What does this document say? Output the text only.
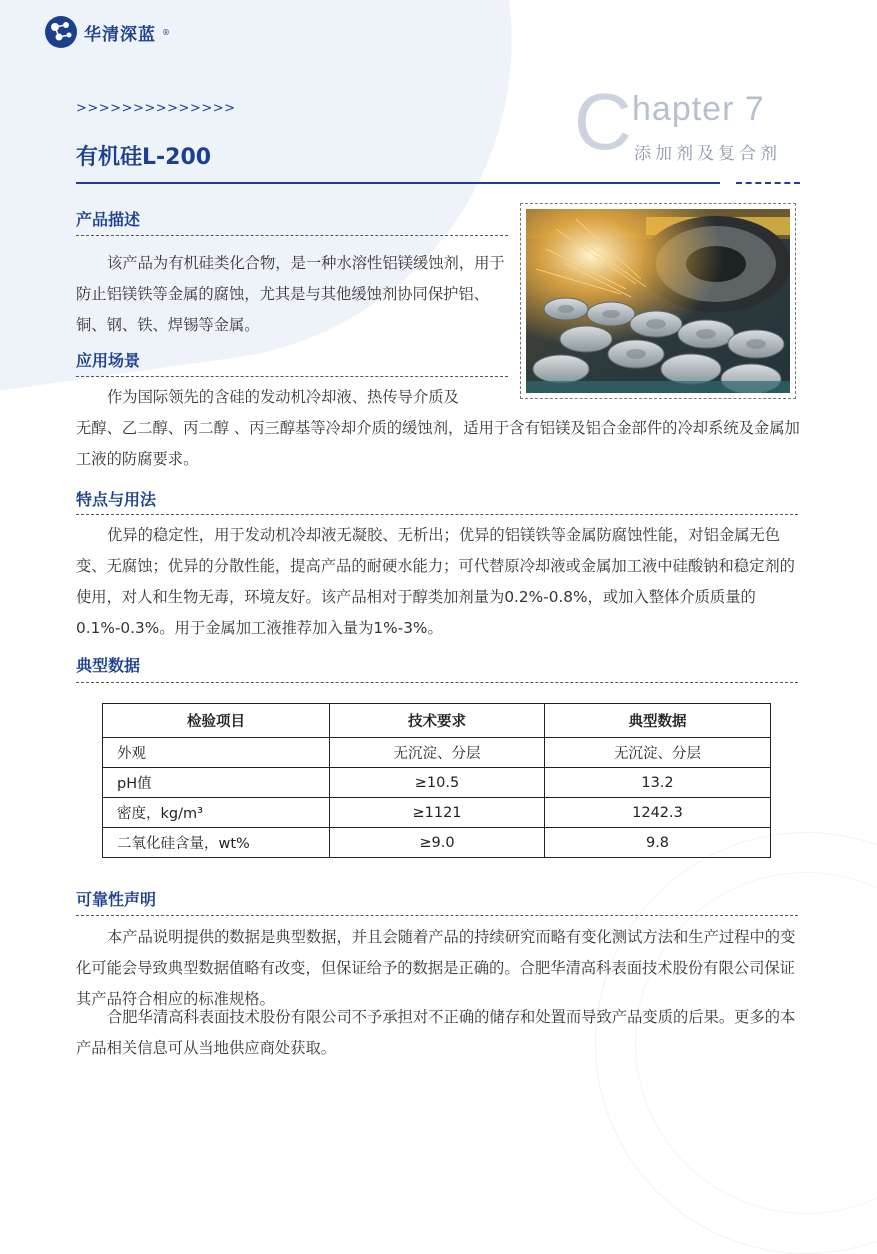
华清深蓝 ®
>>>>>>>>>>>>>>
有机硅L-200	C hapter 7
添加剂及复合剂
产品描述

该产品为有机硅类化合物，是一种水溶性铝镁缓蚀剂，用于防止铝镁铁等金属的腐蚀，尤其是与其他缓蚀剂协同保护铝、铜、钢、铁、焊锡等金属。

应用场景

作为国际领先的含硅的发动机冷却液、热传导介质及

无醇、乙二醇、丙二醇 、丙三醇基等冷却介质的缓蚀剂，适用于含有铝镁及铝合金部件的冷却系统及金属加工液的防腐要求。

特点与用法

优异的稳定性，用于发动机冷却液无凝胶、无析出；优异的铝镁铁等金属防腐蚀性能，对铝金属无色变、无腐蚀；优异的分散性能，提高产品的耐硬水能力；可代替原冷却液或金属加工液中硅酸钠和稳定剂的使用，对人和生物无毒，环境友好。该产品相对于醇类加剂量为0.2%-0.8%，或加入整体介质质量的0.1%-0.3%。用于金属加工液推荐加入量为1%-3%。

典型数据
检验项目	技术要求	典型数据
外观	无沉淀、分层	无沉淀、分层
pH值	≥10.5	13.2
密度，kg/m³	≥1121	1242.3
二氧化硅含量，wt%	≥9.0	9.8
可靠性声明

本产品说明提供的数据是典型数据，并且会随着产品的持续研究而略有变化测试方法和生产过程中的变化可能会导致典型数据值略有改变，但保证给予的数据是正确的。合肥华清高科表面技术股份有限公司保证其产品符合相应的标准规格。

合肥华清高科表面技术股份有限公司不予承担对不正确的储存和处置而导致产品变质的后果。更多的本产品相关信息可从当地供应商处获取。
